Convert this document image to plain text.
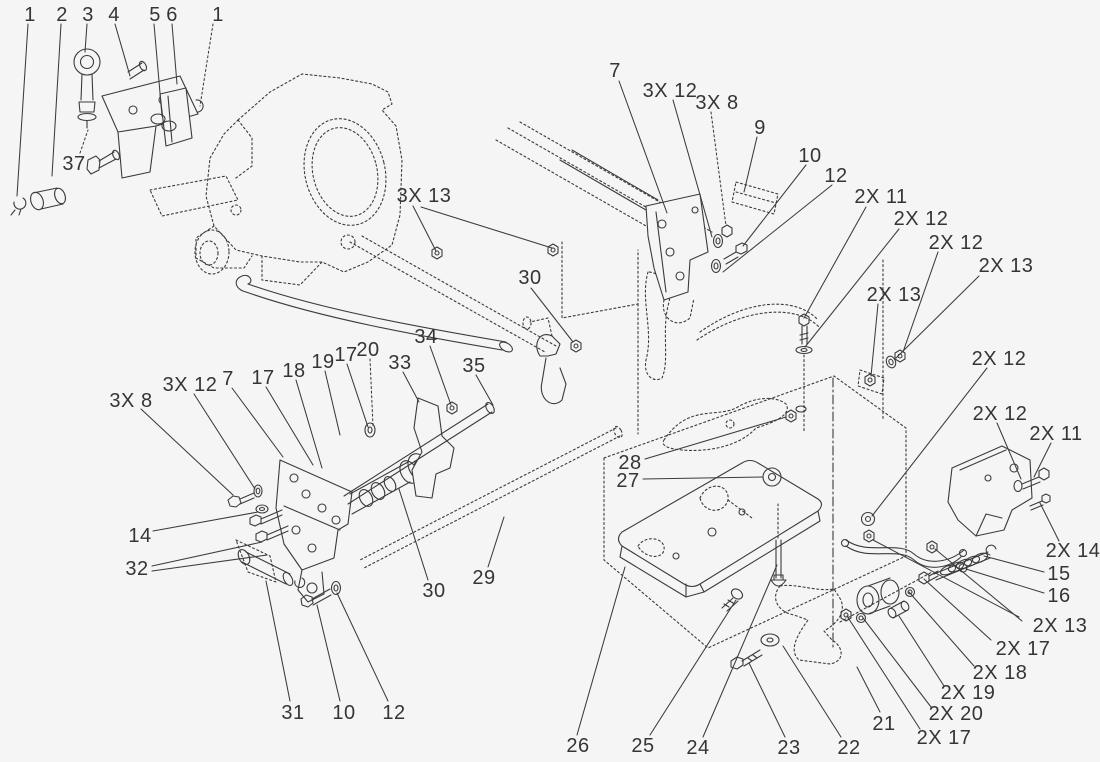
1 2 3 4 5 6 1
37
3X 13
7
3X 12
3X 8
9
10
12
2X 11
2X 12
2X 12
2X 13
2X 13
2X 12
2X 12
2X 11
2X 14
15
16
2X 13
2X 17
2X 18
2X 19
2X 20
2X 17
21
22
23
24
25
26
27
28
30
34
33	35
30
29
31 10 12
14
32
3X 8
3X 12 7 17 18 19 17
20
